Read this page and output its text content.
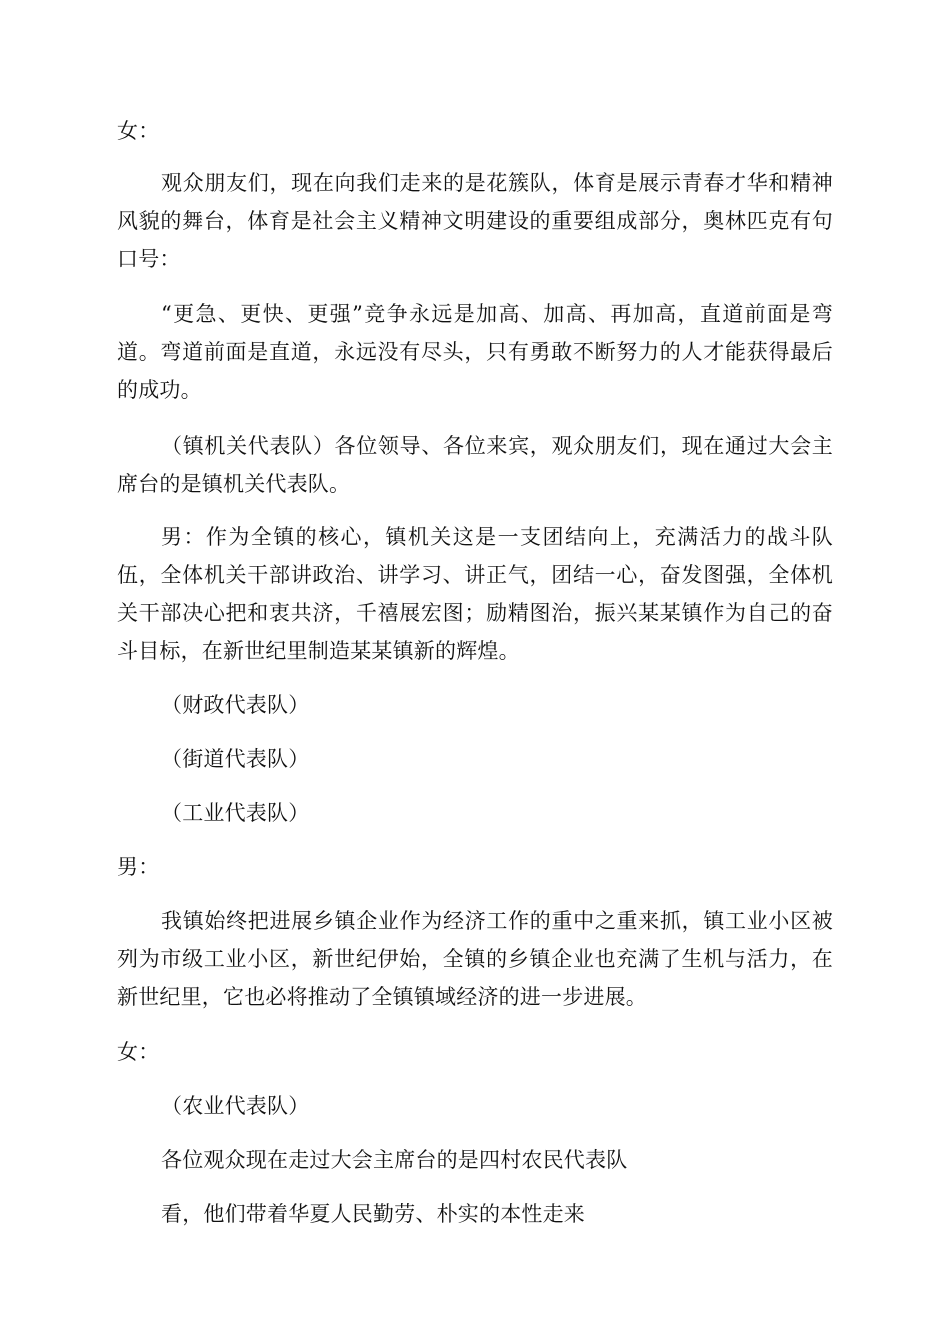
女：

观众朋友们，现在向我们走来的是花簇队，体育是展示青春才华和精神风貌的舞台，体育是社会主义精神文明建设的重要组成部分，奥林匹克有句口号：

“更急、更快、更强”竞争永远是加高、加高、再加高，直道前面是弯道。弯道前面是直道，永远没有尽头，只有勇敢不断努力的人才能获得最后的成功。

（镇机关代表队）各位领导、各位来宾，观众朋友们，现在通过大会主席台的是镇机关代表队。

男：作为全镇的核心，镇机关这是一支团结向上，充满活力的战斗队伍，全体机关干部讲政治、讲学习、讲正气，团结一心，奋发图强，全体机关干部决心把和衷共济，千禧展宏图；励精图治，振兴某某镇作为自己的奋斗目标，在新世纪里制造某某镇新的辉煌。

（财政代表队）

（街道代表队）

（工业代表队）

男：

我镇始终把进展乡镇企业作为经济工作的重中之重来抓，镇工业小区被列为市级工业小区，新世纪伊始，全镇的乡镇企业也充满了生机与活力，在新世纪里，它也必将推动了全镇镇域经济的进一步进展。

女：

（农业代表队）

各位观众现在走过大会主席台的是四村农民代表队

看，他们带着华夏人民勤劳、朴实的本性走来
